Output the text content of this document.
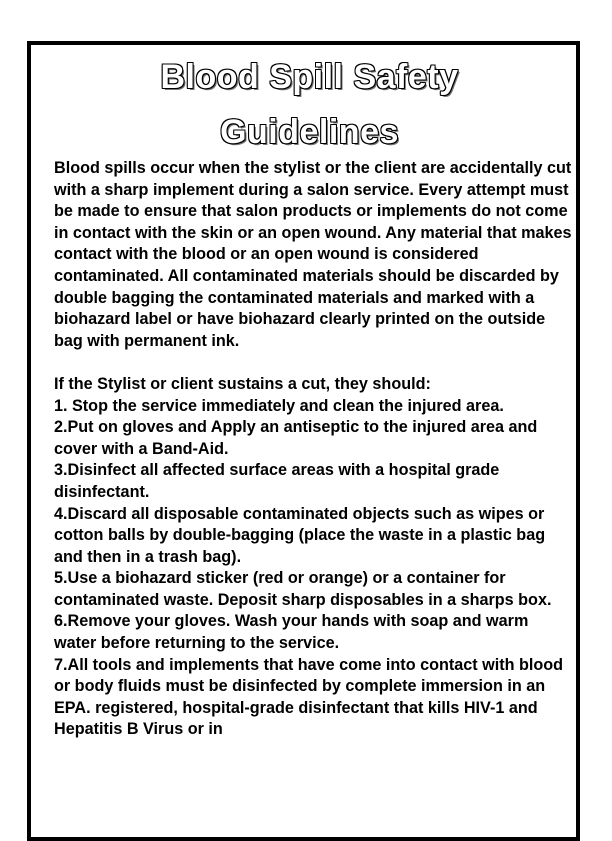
Blood Spill Safety
Guidelines

Blood spills occur when the stylist or the client are accidentally cut with a sharp implement during a salon service. Every attempt must be made to ensure that salon products or implements do not come in contact with the skin or an open wound. Any material that makes contact with the blood or an open wound is considered contaminated. All contaminated materials should be discarded by double bagging the contaminated materials and marked with a biohazard label or have biohazard clearly printed on the outside bag with permanent ink.

If the Stylist or client sustains a cut, they should:

1. Stop the service immediately and clean the injured area.

2.Put on gloves and Apply an antiseptic to the injured area and cover with a Band-Aid.

3.Disinfect all affected surface areas with a hospital grade disinfectant.

4.Discard all disposable contaminated objects such as wipes or cotton balls by double-bagging (place the waste in a plastic bag and then in a trash bag).

5.Use a biohazard sticker (red or orange) or a container for contaminated waste. Deposit sharp disposables in a sharps box.

6.Remove your gloves. Wash your hands with soap and warm water before returning to the service.

7.All tools and implements that have come into contact with blood or body fluids must be disinfected by complete immersion in an EPA. registered, hospital-grade disinfectant that kills HIV-1 and Hepatitis B Virus or in
